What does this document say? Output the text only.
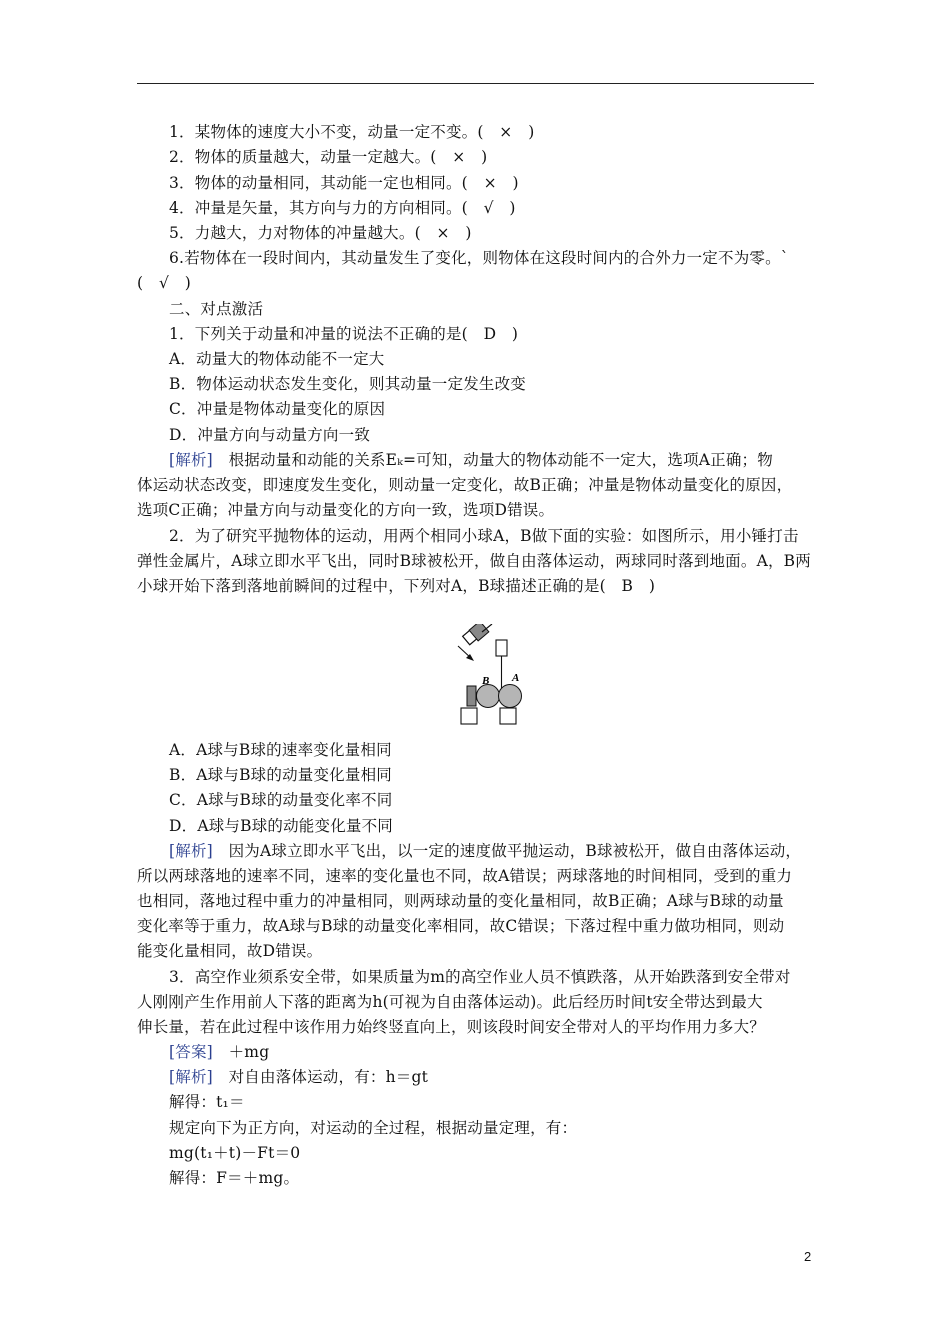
1．某物体的速度大小不变，动量一定不变。(　×　)
2．物体的质量越大，动量一定越大。(　×　)
3．物体的动量相同，其动能一定也相同。(　×　)
4．冲量是矢量，其方向与力的方向相同。(　√　)
5．力越大，力对物体的冲量越大。(　×　)
6.若物体在一段时间内，其动量发生了变化，则物体在这段时间内的合外力一定不为零。`
(　√　)
二、对点激活
1．下列关于动量和冲量的说法不正确的是(　D　)
A．动量大的物体动能不一定大
B．物体运动状态发生变化，则其动量一定发生改变
C．冲量是物体动量变化的原因
D．冲量方向与动量方向一致
[解析]　 根据动量和动能的关系Eₖ=可知，动量大的物体动能不一定大，选项A正确；物
体运动状态改变，即速度发生变化，则动量一定变化，故B正确；冲量是物体动量变化的原因，
选项C正确；冲量方向与动量变化的方向一致，选项D错误。
2．为了研究平抛物体的运动，用两个相同小球A，B做下面的实验：如图所示，用小锤打击
弹性金属片，A球立即水平飞出，同时B球被松开，做自由落体运动，两球同时落到地面。A，B两
小球开始下落到落地前瞬间的过程中，下列对A，B球描述正确的是(　B　)
B A
A．A球与B球的速率变化量相同
B．A球与B球的动量变化量相同
C．A球与B球的动量变化率不同
D．A球与B球的动能变化量不同
[解析]　 因为A球立即水平飞出，以一定的速度做平抛运动，B球被松开，做自由落体运动，
所以两球落地的速率不同，速率的变化量也不同，故A错误；两球落地的时间相同，受到的重力
也相同，落地过程中重力的冲量相同，则两球动量的变化量相同，故B正确；A球与B球的动量
变化率等于重力，故A球与B球的动量变化率相同，故C错误；下落过程中重力做功相同，则动
能变化量相同，故D错误。
3．高空作业须系安全带，如果质量为m的高空作业人员不慎跌落，从开始跌落到安全带对
人刚刚产生作用前人下落的距离为h(可视为自由落体运动)。此后经历时间t安全带达到最大
伸长量，若在此过程中该作用力始终竖直向上，则该段时间安全带对人的平均作用力多大？
[答案]　 ＋mg
[解析]　 对自由落体运动，有：h＝gt
解得：t₁＝
规定向下为正方向，对运动的全过程，根据动量定理，有：
mg(t₁＋t)－Ft＝0
解得：F＝＋mg。
2
